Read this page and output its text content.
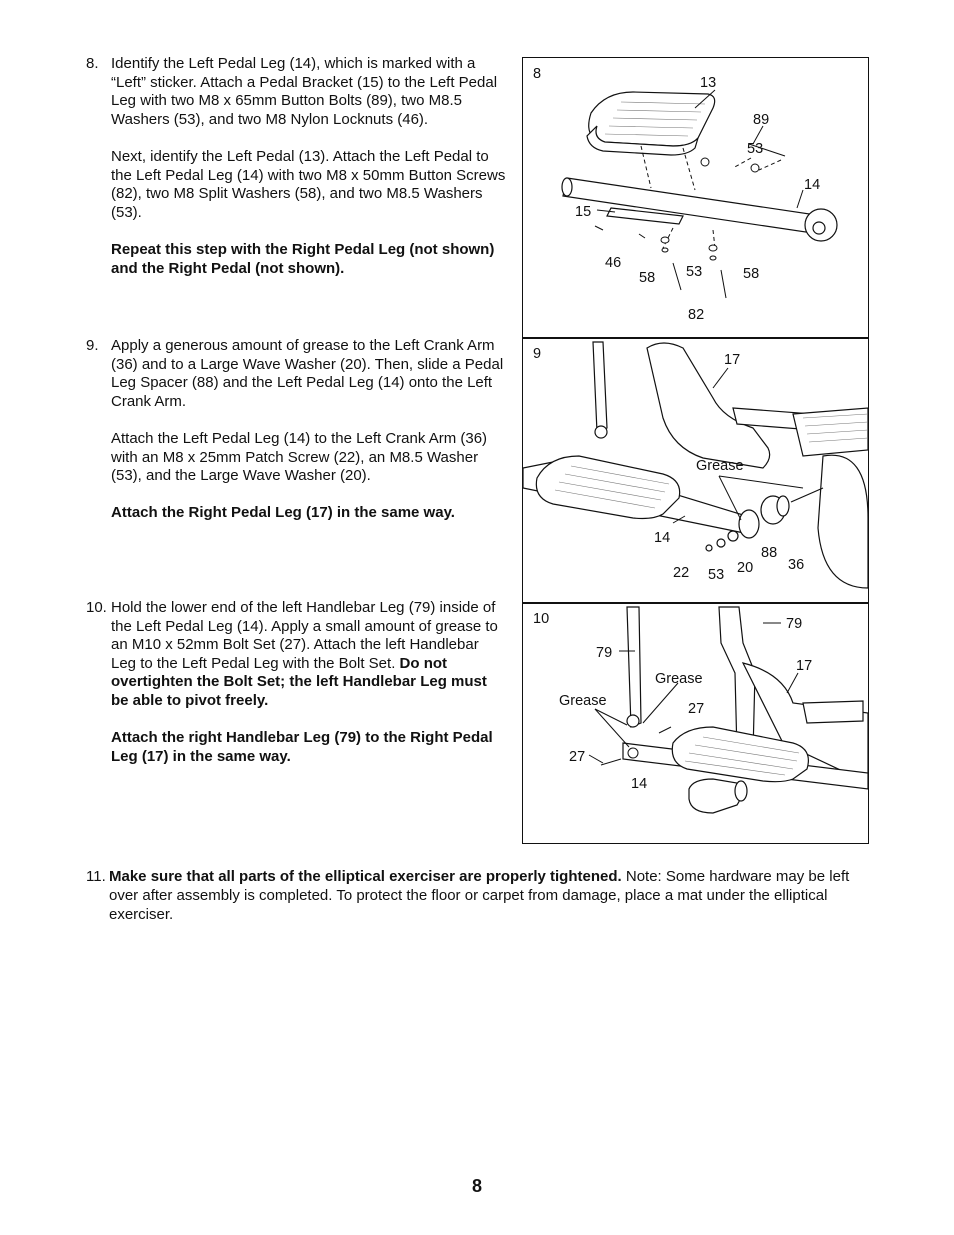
8. Identify the Left Pedal Leg (14), which is marked with a “Left” sticker. Attach a Pedal Bracket (15) to the Left Pedal Leg with two M8 x 65mm Button Bolts (89), two M8.5 Washers (53), and two M8 Nylon Locknuts (46).

Next, identify the Left Pedal (13). Attach the Left Pedal to the Left Pedal Leg (14) with two M8 x 50mm Button Screws (82), two M8 Split Washers (58), and two M8.5 Washers (53).

Repeat this step with the Right Pedal Leg (not shown) and the Right Pedal (not shown).

9. Apply a generous amount of grease to the Left Crank Arm (36) and to a Large Wave Washer (20). Then, slide a Pedal Leg Spacer (88) and the Left Pedal Leg (14) onto the Left Crank Arm.

Attach the Left Pedal Leg (14) to the Left Crank Arm (36) with an M8 x 25mm Patch Screw (22), an M8.5 Washer (53), and the Large Wave Washer (20).

Attach the Right Pedal Leg (17) in the same way.

10. Hold the lower end of the left Handlebar Leg (79) inside of the Left Pedal Leg (14). Apply a small amount of grease to an M10 x 52mm Bolt Set (27). Attach the left Handlebar Leg to the Left Pedal Leg with the Bolt Set. Do not overtighten the Bolt Set; the left Handlebar Leg must be able to pivot freely.

Attach the right Handlebar Leg (79) to the Right Pedal Leg (17) in the same way.

8
13
89
53
14
15
46
58 53	58
82
9	17
Grease
14
22 53 20
88
36
10
79
79
17
Grease
Grease	27
27
14
11. Make sure that all parts of the elliptical exerciser are properly tightened. Note: Some hardware may be left over after assembly is completed. To protect the floor or carpet from damage, place a mat under the elliptical exerciser.
8
